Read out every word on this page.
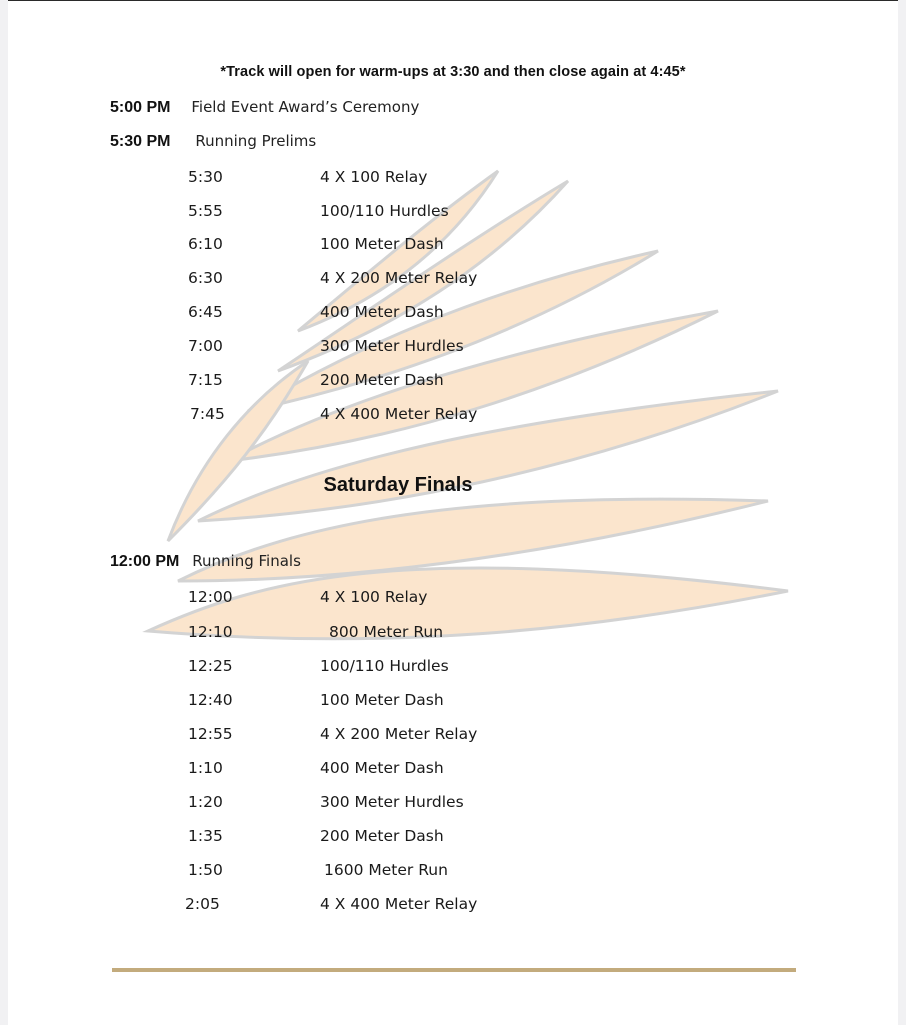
*Track will open for warm-ups at 3:30 and then close again at 4:45*
5:00 PM Field Event Award’s Ceremony
5:30 PM Running Prelims
5:30	4 X 100 Relay
5:55	100/110 Hurdles
6:10	100 Meter Dash
6:30	4 X 200 Meter Relay
6:45	400 Meter Dash
7:00	300 Meter Hurdles
7:15	200 Meter Dash
7:45	4 X 400 Meter Relay
Saturday Finals
12:00 PM Running Finals
12:00	4 X 100 Relay
12:10	800 Meter Run
12:25	100/110 Hurdles
12:40	100 Meter Dash
12:55	4 X 200 Meter Relay
1:10	400 Meter Dash
1:20	300 Meter Hurdles
1:35	200 Meter Dash
1:50	1600 Meter Run
2:05	4 X 400 Meter Relay
